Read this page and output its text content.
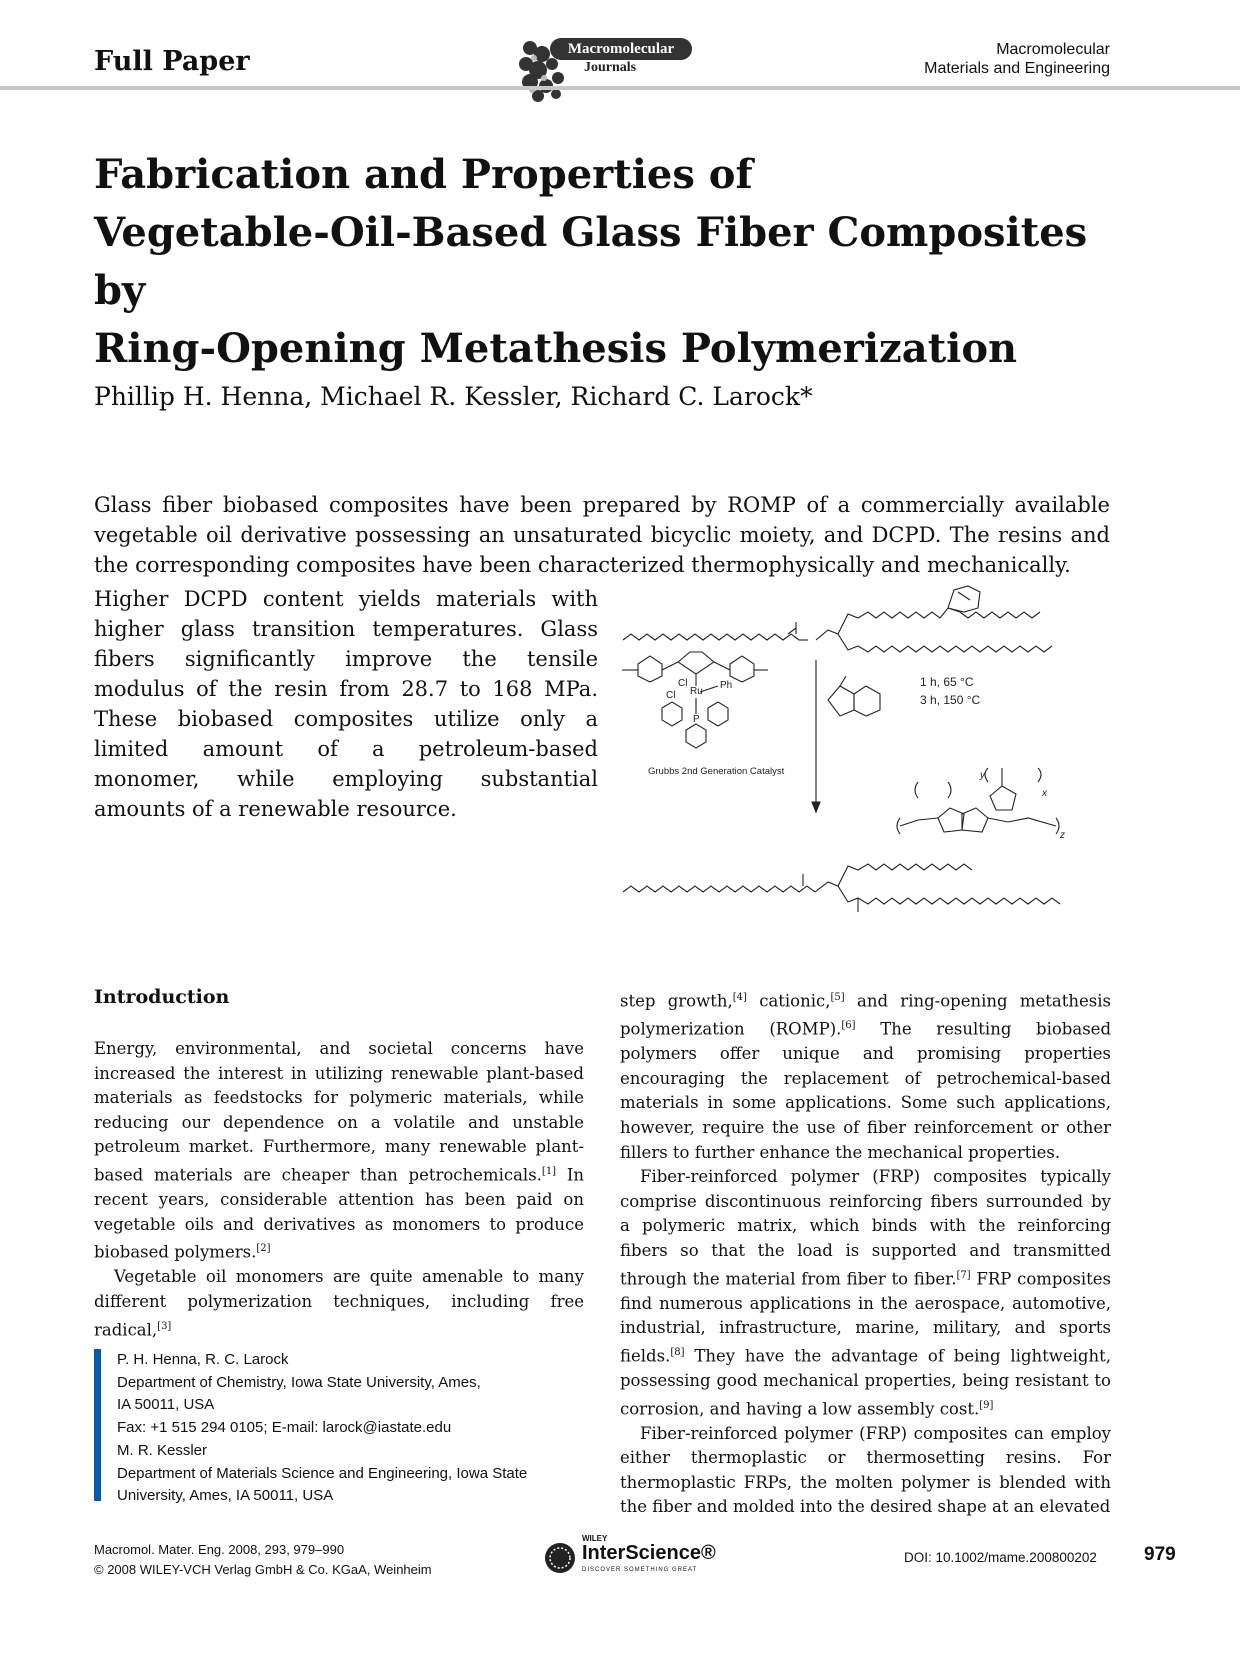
Full Paper	Macromolecular
Journals
Macromolecular
Materials and Engineering
Fabrication and Properties of
Vegetable-Oil-Based Glass Fiber Composites by
Ring-Opening Metathesis Polymerization
Phillip H. Henna, Michael R. Kessler, Richard C. Larock*
Glass fiber biobased composites have been prepared by ROMP of a commercially available vegetable oil derivative possessing an unsaturated bicyclic moiety, and DCPD. The resins and the corresponding composites have been characterized thermophysically and mechanically.
Higher DCPD content yields materials with higher glass transition temperatures. Glass fibers significantly improve the tensile modulus of the resin from 28.7 to 168 MPa. These biobased composites utilize only a limited amount of a petroleum-based monomer, while employing substantial amounts of a renewable resource.
Cl
Ru
Cl
Ph
P
1 h, 65 °C
3 h, 150 °C
Grubbs 2nd Generation Catalyst
x
y
z
Introduction

Energy, environmental, and societal concerns have increased the interest in utilizing renewable plant-based materials as feedstocks for polymeric materials, while reducing our dependence on a volatile and unstable petroleum market. Furthermore, many renewable plant-based materials are cheaper than petrochemicals.[1] In recent years, considerable attention has been paid on vegetable oils and derivatives as monomers to produce biobased polymers.[2]

Vegetable oil monomers are quite amenable to many different polymerization techniques, including free radical,[3]

step growth,[4] cationic,[5] and ring-opening metathesis polymerization (ROMP).[6] The resulting biobased polymers offer unique and promising properties encouraging the replacement of petrochemical-based materials in some applications. Some such applications, however, require the use of fiber reinforcement or other fillers to further enhance the mechanical properties.

Fiber-reinforced polymer (FRP) composites typically comprise discontinuous reinforcing fibers surrounded by a polymeric matrix, which binds with the reinforcing fibers so that the load is supported and transmitted through the material from fiber to fiber.[7] FRP composites find numerous applications in the aerospace, automotive, industrial, infrastructure, marine, military, and sports fields.[8] They have the advantage of being lightweight, possessing good mechanical properties, being resistant to corrosion, and having a low assembly cost.[9]

Fiber-reinforced polymer (FRP) composites can employ either thermoplastic or thermosetting resins. For thermoplastic FRPs, the molten polymer is blended with the fiber and molded into the desired shape at an elevated

P. H. Henna, R. C. Larock
Department of Chemistry, Iowa State University, Ames,
IA 50011, USA
Fax: +1 515 294 0105; E-mail: larock@iastate.edu
M. R. Kessler
Department of Materials Science and Engineering, Iowa State
University, Ames, IA 50011, USA
Macromol. Mater. Eng. 2008, 293, 979–990
© 2008 WILEY-VCH Verlag GmbH & Co. KGaA, Weinheim
WILEY
InterScience®
DISCOVER SOMETHING GREAT
DOI: 10.1002/mame.200800202 979
